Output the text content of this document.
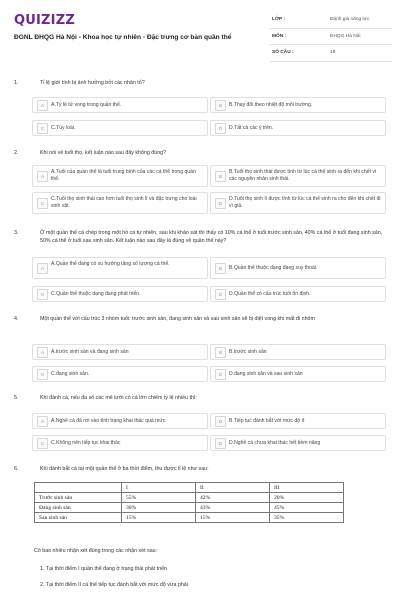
QUIZIZZ
ĐGNL ĐHQG Hà Nội - Khoa học tự nhiên - Đặc trưng cơ bản quần thể
LỚP :	Đánh giá năng lực
MÔN :	ĐHQG Hà Nội
SỐ CÂU :	18
1.	Tỉ lệ giới tính bị ảnh hưởng bởi các nhân tố?
A	A.Tỷ lệ tử vong trong quần thể.	B	B.Thay đổi theo nhiệt độ môi trường.
C	C.Tùy loài.	D	D.Tất cả các ý trên.
2.	Khi nói về tuổi thọ, kết luận nào sau đây không đúng?
A
A.Tuổi của quần thể là tuổi trung bình của các cá thể trong quần thể.	B
B.Tuổi thọ sinh thái được tính từ lúc cá thể sinh ra đến khi chết vì các nguyên nhân sinh thái.
C
C.Tuổi thọ sinh thái cao hơn tuổi thọ sinh lí và đặc trưng cho loài sinh vật.	D
D.Tuổi thọ sinh lí được tính từ lúc cá thể sinh ra cho đến khi chết đi vì già.
3.	Ở một quần thể cá chép trong một hồ cá tự nhiên, sau khi khảo sát thì thấy có 10% cá thể ở tuổi trước sinh sản, 40% cá thể ở tuổi đang sinh sản, 50% cá thể ở tuổi sau sinh sản. Kết luận nào sau đây là đúng về quần thể này?
A
A.Quần thể đang có xu hướng tăng số lượng cá thể.
B	B.Quần thể thuộc dạng đang suy thoái.
C	C.Quần thể thuộc dạng đang phát triển.	D	D.Quần thể có cấu trúc tuổi ổn định.
4.	Một quần thể với cấu trúc 3 nhóm tuổi: trước sinh sản, đang sinh sản và sau sinh sản sẽ bị diệt vong khi mất đi nhóm
A	A.trước sinh sản và đang sinh sản	B	B.trước sinh sản
C	C.đang sinh sản.	D	D.đang sinh sản và sau sinh sản
5.	Khi đánh cá, nếu đa số các mẻ lưới có cá lớn chiếm tỷ lệ nhiều thì:
A	A.Nghề cá đã rơi vào tình trạng khai thác quá mức	B	B.Tiếp tục đánh bắt với mức độ ít
C	C.Không nên tiếp tục khai thác	D	D.Nghề cá chưa khai thác hết tiềm năng
6.	Khi đánh bắt cá tại một quần thể ở ba thời điểm, thu được tỉ lệ như sau:
	I	II	III
Trước sinh sản	55%	42%	20%
Đang sinh sản	30%	43%	45%
Sau sinh sản	15%	15%	35%
Có bao nhiêu nhận xét đúng trong các nhận xét sau:
1. Tại thời điểm I quần thể đang ở trạng thái phát triển
2. Tại thời điểm II cá thể tiếp tục đánh bắt với mức độ vừa phải
